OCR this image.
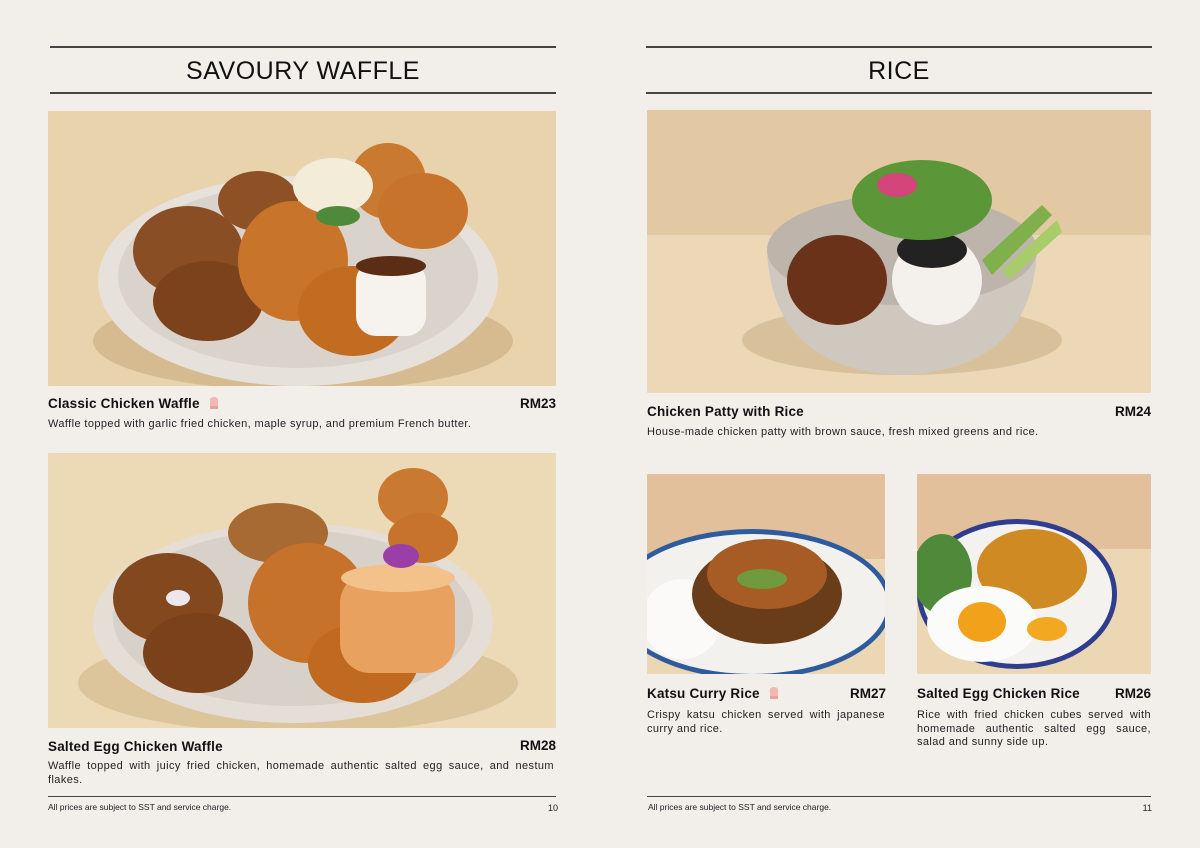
SAVOURY WAFFLE
Classic Chicken Waffle	RM23
Waffle topped with garlic fried chicken, maple syrup, and premium French butter.
Salted Egg Chicken Waffle	RM28
Waffle topped with juicy fried chicken, homemade authentic salted egg sauce, and nestum flakes.
All prices are subject to SST and service charge.	10
RICE
Chicken Patty with Rice	RM24
House-made chicken patty with brown sauce, fresh mixed greens and rice.
Katsu Curry Rice	RM27
Crispy katsu chicken served with japanese curry and rice.
Salted Egg Chicken Rice	RM26
Rice with fried chicken cubes served with homemade authentic salted egg sauce, salad and sunny side up.
All prices are subject to SST and service charge.	11
